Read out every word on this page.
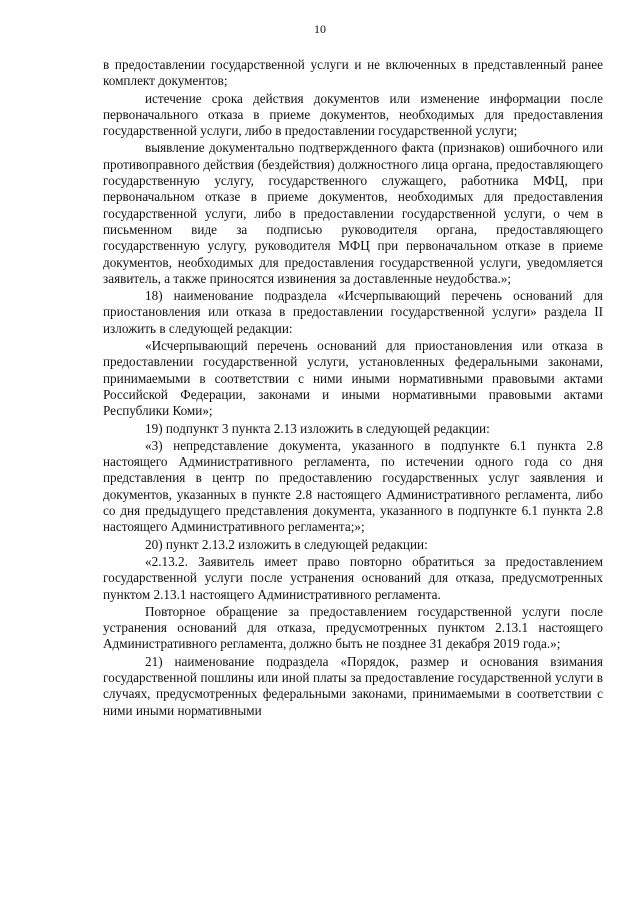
10

в предоставлении государственной услуги и не включенных в представленный ранее комплект документов;

истечение срока действия документов или изменение информации после первоначального отказа в приеме документов, необходимых для предоставления государственной услуги, либо в предоставлении государственной услуги;

выявление документально подтвержденного факта (признаков) ошибочного или противоправного действия (бездействия) должностного лица органа, предоставляющего государственную услугу, государственного служащего, работника МФЦ, при первоначальном отказе в приеме документов, необходимых для предоставления государственной услуги, либо в предоставлении государственной услуги, о чем в письменном виде за подписью руководителя органа, предоставляющего государственную услугу, руководителя МФЦ при первоначальном отказе в приеме документов, необходимых для предоставления государственной услуги, уведомляется заявитель, а также приносятся извинения за доставленные неудобства.»;

18) наименование подраздела «Исчерпывающий перечень оснований для приостановления или отказа в предоставлении государственной услуги» раздела II изложить в следующей редакции:

«Исчерпывающий перечень оснований для приостановления или отказа в предоставлении государственной услуги, установленных федеральными законами, принимаемыми в соответствии с ними иными нормативными правовыми актами Российской Федерации, законами и иными нормативными правовыми актами Республики Коми»;

19) подпункт 3 пункта 2.13 изложить в следующей редакции:

«3) непредставление документа, указанного в подпункте 6.1 пункта 2.8 настоящего Административного регламента, по истечении одного года со дня представления в центр по предоставлению государственных услуг заявления и документов, указанных в пункте 2.8 настоящего Административного регламента, либо со дня предыдущего представления документа, указанного в подпункте 6.1 пункта 2.8 настоящего Административного регламента;»;

20) пункт 2.13.2 изложить в следующей редакции:

«2.13.2. Заявитель имеет право повторно обратиться за предоставлением государственной услуги после устранения оснований для отказа, предусмотренных пунктом 2.13.1 настоящего Административного регламента.

Повторное обращение за предоставлением государственной услуги после устранения оснований для отказа, предусмотренных пунктом 2.13.1 настоящего Административного регламента, должно быть не позднее 31 декабря 2019 года.»;

21) наименование подраздела «Порядок, размер и основания взимания государственной пошлины или иной платы за предоставление государственной услуги в случаях, предусмотренных федеральными законами, принимаемыми в соответствии с ними иными нормативными
